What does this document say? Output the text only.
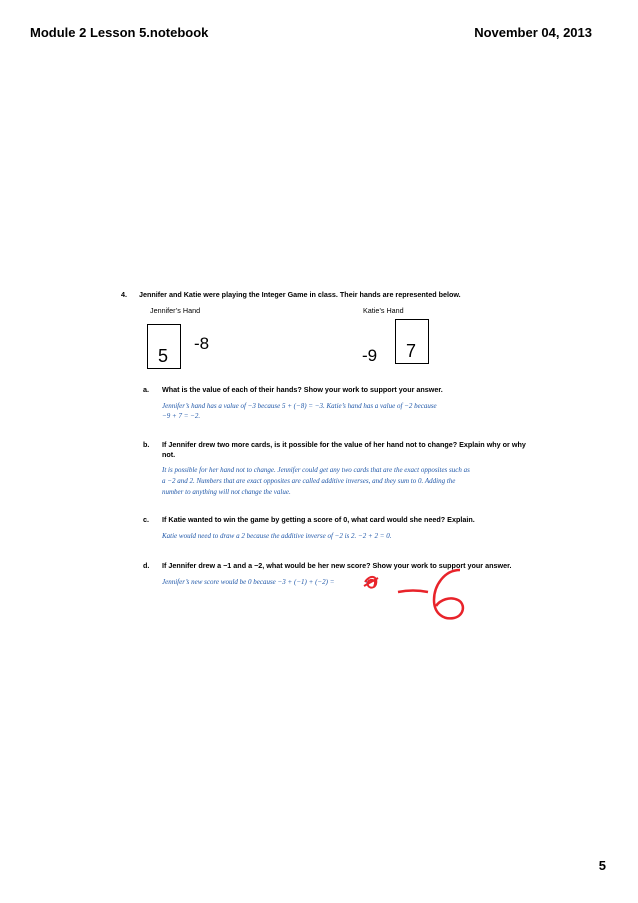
Module 2 Lesson 5.notebook	November 04, 2013
4. Jennifer and Katie were playing the Integer Game in class. Their hands are represented below.
Jennifer’s Hand	Katie’s Hand
5
-8
-9 7
a. What is the value of each of their hands? Show your work to support your answer.
Jennifer’s hand has a value of −3 because 5 + (−8) = −3. Katie’s hand has a value of −2 because
−9 + 7 = −2.
b. If Jennifer drew two more cards, is it possible for the value of her hand not to change? Explain why or why
not.
It is possible for her hand not to change. Jennifer could get any two cards that are the exact opposites such as
a −2 and 2. Numbers that are exact opposites are called additive inverses, and they sum to 0. Adding the
number to anything will not change the value.
c. If Katie wanted to win the game by getting a score of 0, what card would she need? Explain.
Katie would need to draw a 2 because the additive inverse of −2 is 2. −2 + 2 = 0.
d. If Jennifer drew a −1 and a −2, what would be her new score? Show your work to support your answer.
Jennifer’s new score would be 0 because −3 + (−1) + (−2) =	0
5
